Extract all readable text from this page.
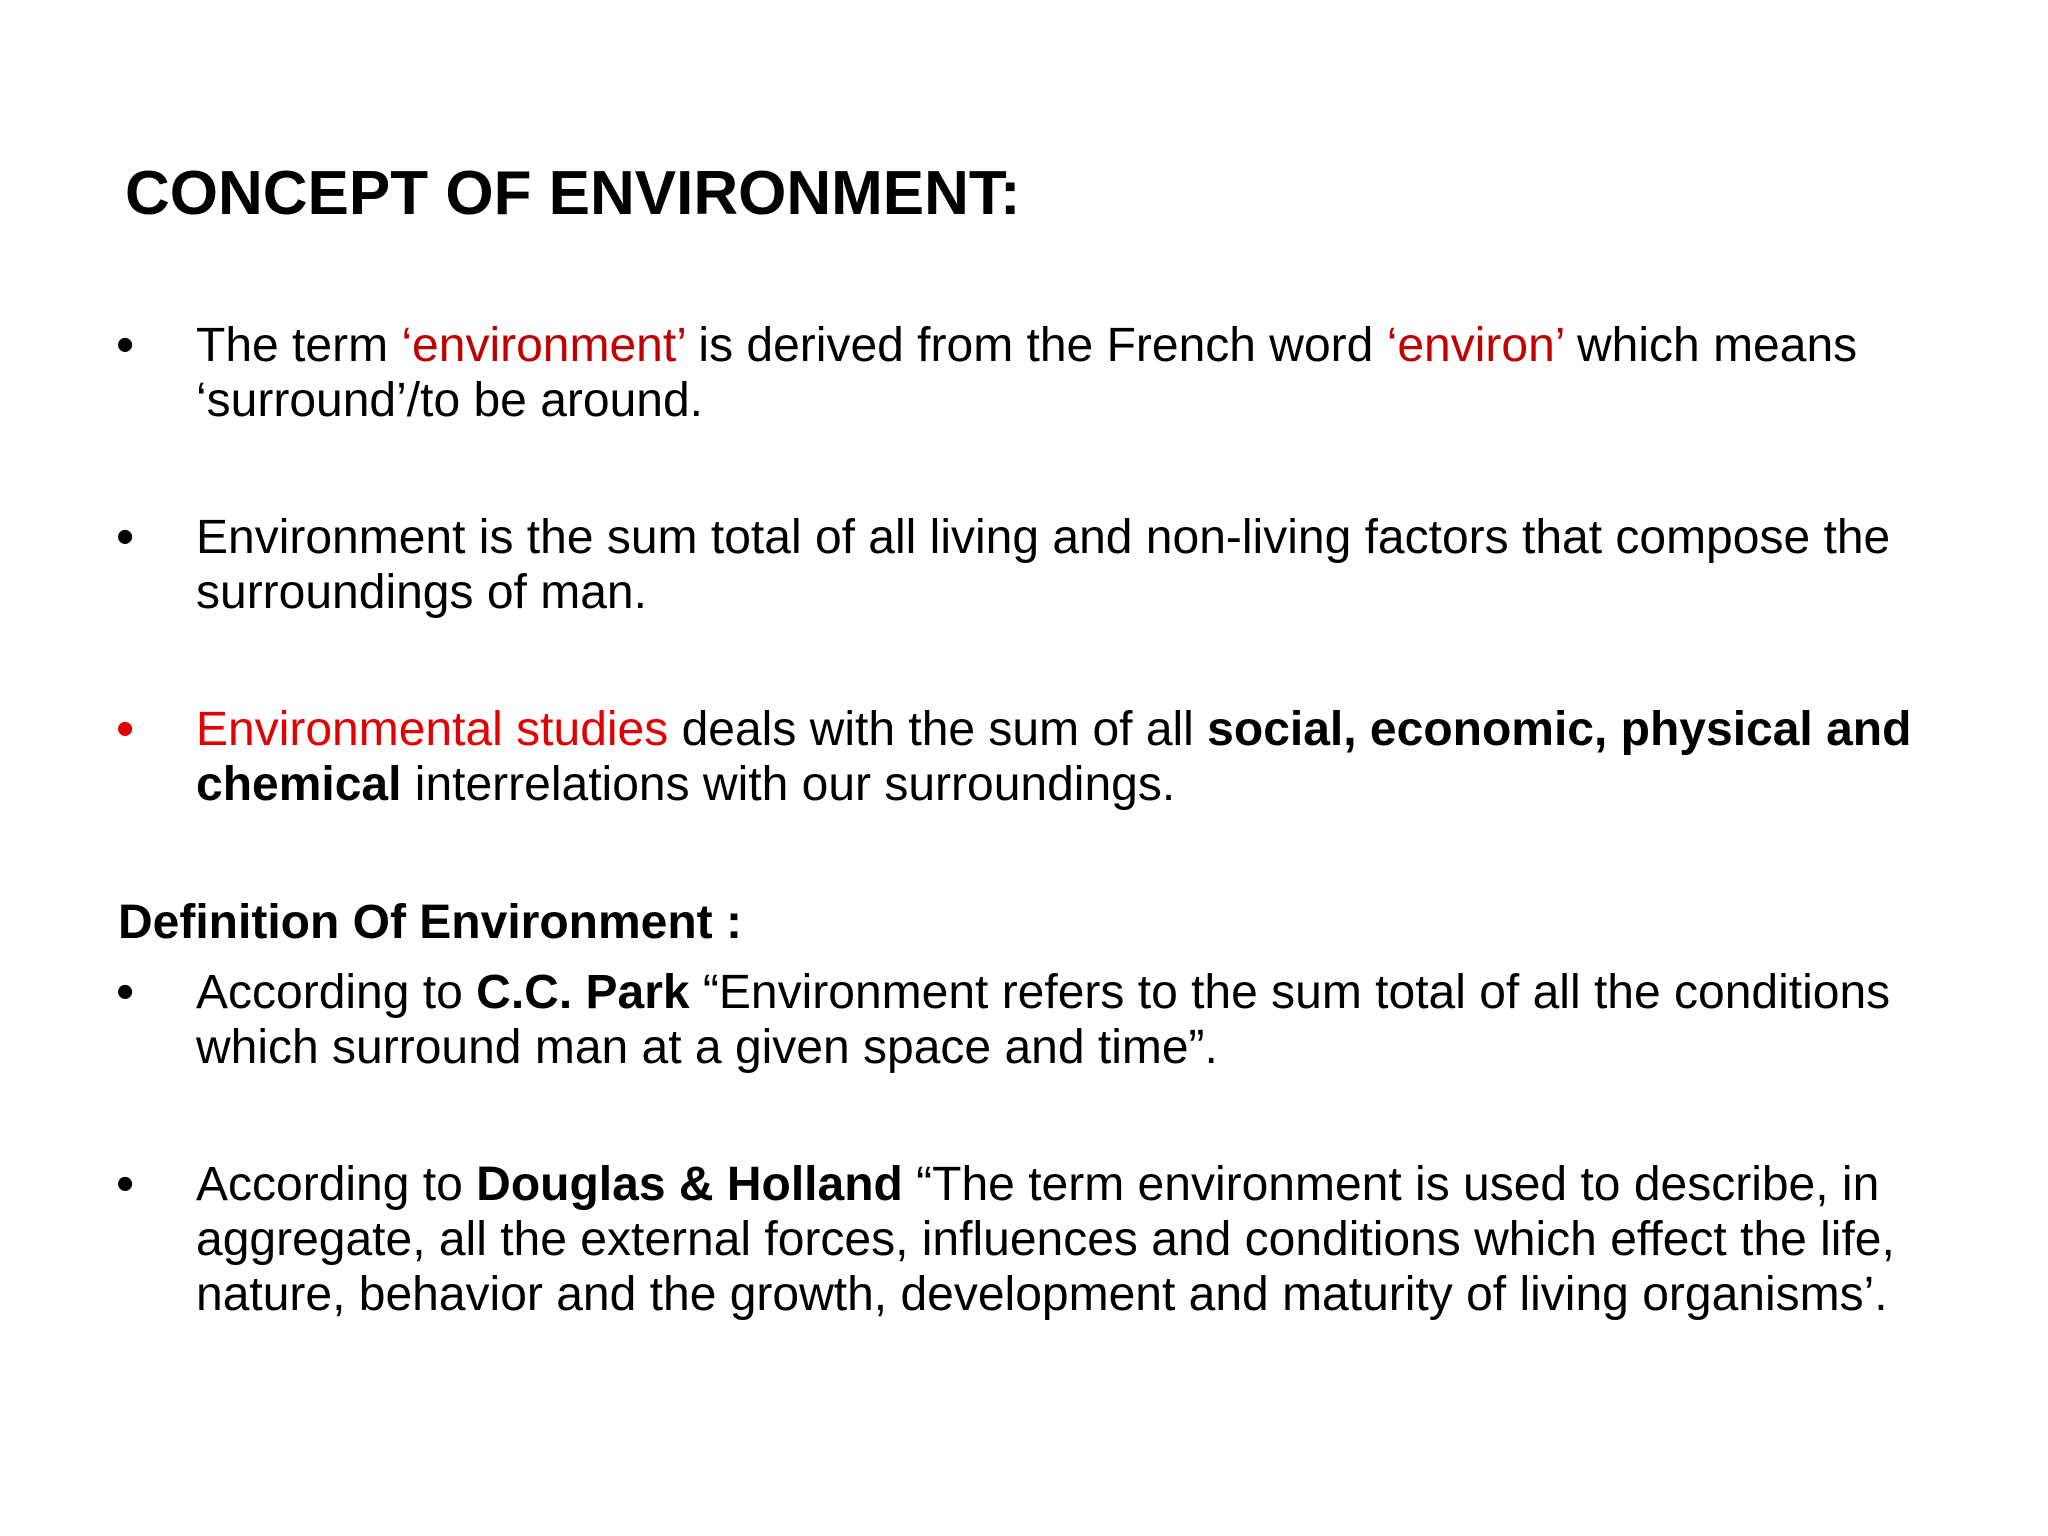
CONCEPT OF ENVIRONMENT:
• The term ‘environment’ is derived from the French word ‘environ’ which means ‘surround’/to be around.
• Environment is the sum total of all living and non-living factors that compose the surroundings of man.
• Environmental studies deals with the sum of all social, economic, physical and chemical interrelations with our surroundings.
Definition Of Environment :
• According to C.C. Park “Environment refers to the sum total of all the conditions which surround man at a given space and time”.
• According to Douglas & Holland “The term environment is used to describe, in aggregate, all the external forces, influences and conditions which effect the life, nature, behavior and the growth, development and maturity of living organisms’.
